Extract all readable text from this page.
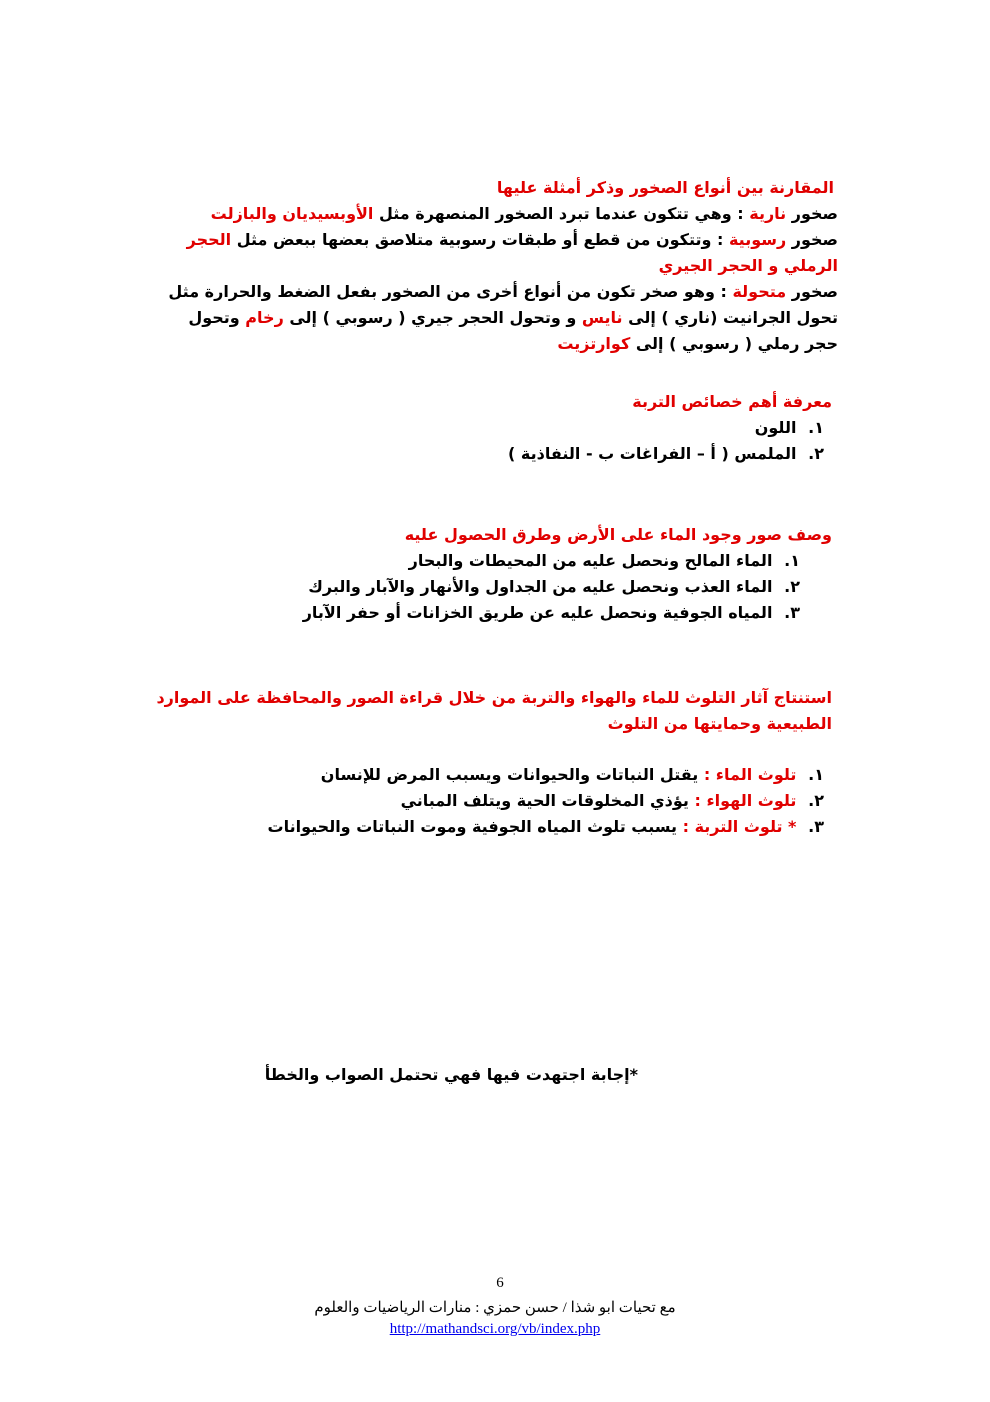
المقارنة بين أنواع الصخور وذكر أمثلة عليها
صخور نارية : وهي تتكون عندما تبرد الصخور المنصهرة مثل الأوبسيديان والبازلت
صخور رسوبية : وتتكون من قطع أو طبقات رسوبية متلاصق بعضها ببعض مثل الحجر
الرملي و الحجر الجيري
صخور متحولة : وهو صخر تكون من أنواع أخرى من الصخور بفعل الضغط والحرارة مثل
تحول الجرانيت (ناري ) إلى نايس و وتحول الحجر جيري ( رسوبي ) إلى رخام وتحول
حجر رملي ( رسوبي ) إلى كوارتزيت
معرفة أهم خصائص التربة
١. اللون
٢. الملمس ( أ – الفراغات ب - النفاذية )
وصف صور وجود الماء على الأرض وطرق الحصول عليه
١. الماء المالح ونحصل عليه من المحيطات والبحار
٢. الماء العذب ونحصل عليه من الجداول والأنهار والآبار والبرك
٣. المياه الجوفية ونحصل عليه عن طريق الخزانات أو حفر الآبار
استنتاج آثار التلوث للماء والهواء والتربة من خلال قراءة الصور والمحافظة على الموارد
الطبيعية وحمايتها من التلوث
١. تلوث الماء : يقتل النباتات والحيوانات ويسبب المرض للإنسان
٢. تلوث الهواء : يؤذي المخلوقات الحية ويتلف المباني
٣. * تلوث التربة : يسبب تلوث المياه الجوفية وموت النباتات والحيوانات
*إجابة اجتهدت فيها فهي تحتمل الصواب والخطأ
6
مع تحيات ابو شذا / حسن حمزي : منارات الرياضيات والعلوم
http://mathandsci.org/vb/index.php
